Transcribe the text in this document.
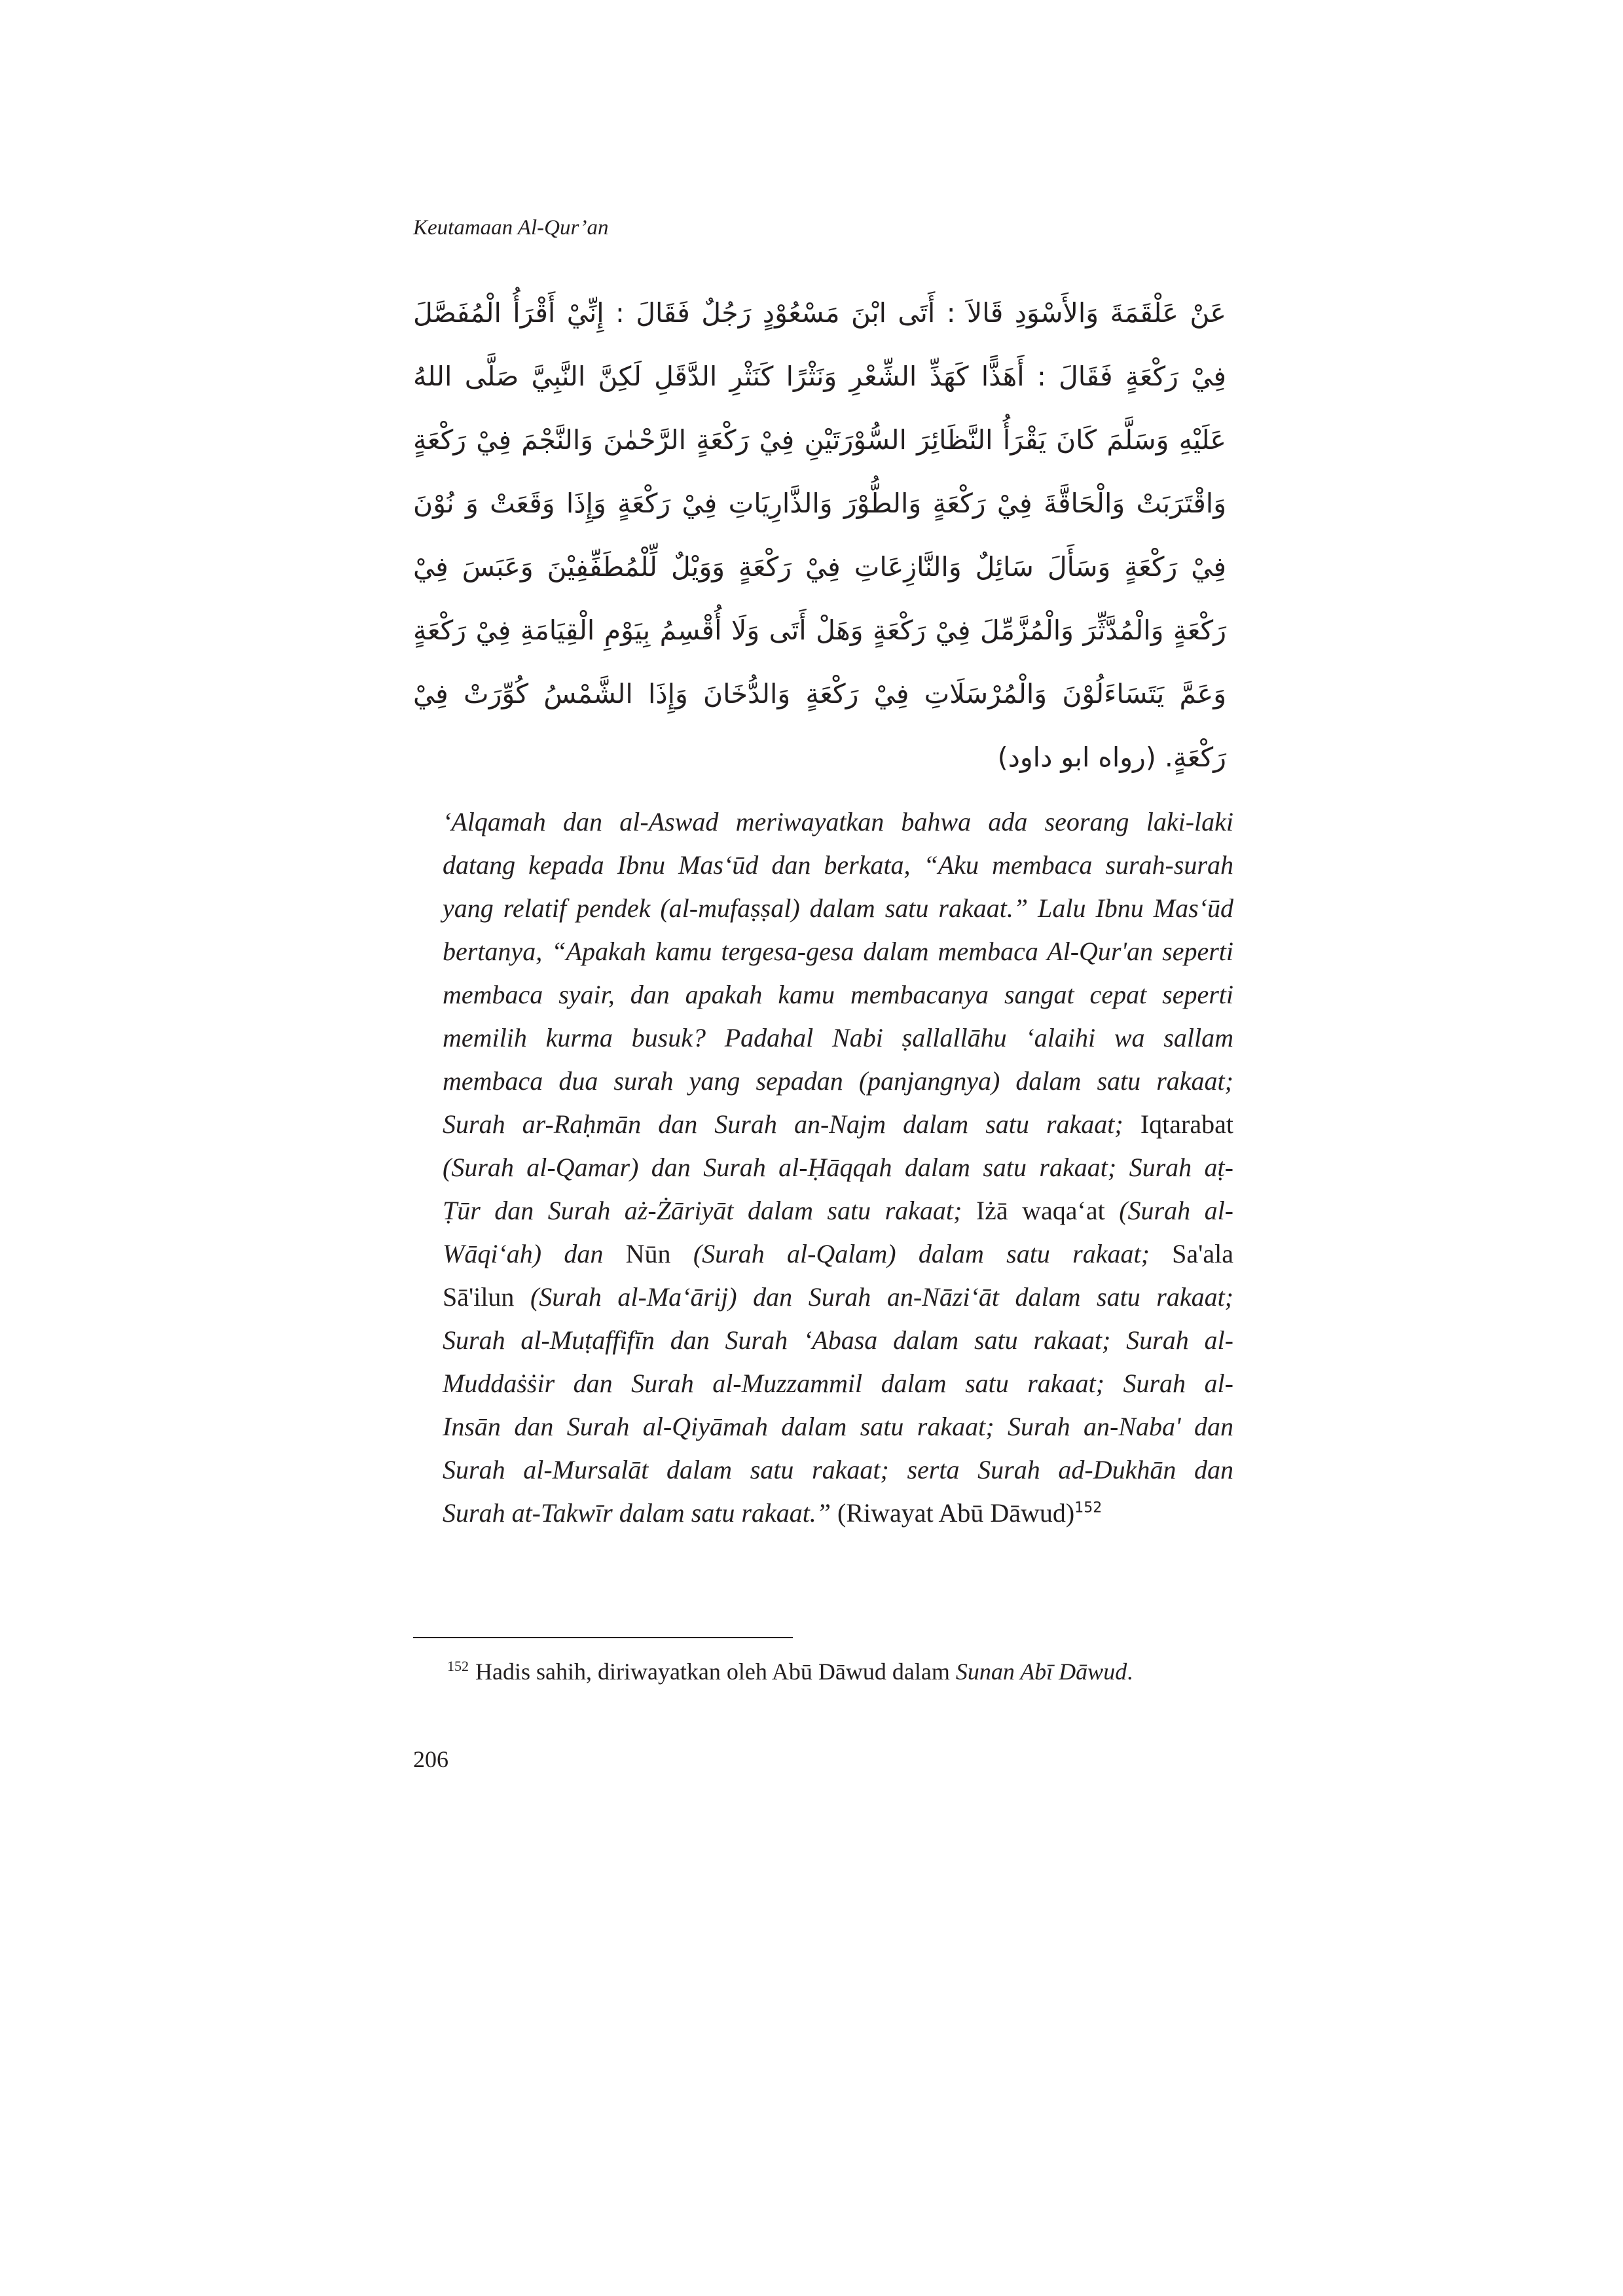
Keutamaan Al-Qur’an
عَنْ عَلْقَمَةَ وَالأَسْوَدِ قَالاَ : أَتَى ابْنَ مَسْعُوْدٍ رَجُلٌ فَقَالَ : إِنِّيْ أَقْرَأُ الْمُفَصَّلَ
فِيْ رَكْعَةٍ فَقَالَ : أَهَذًّا كَهَذِّ الشِّعْرِ وَنَثْرًا كَنَثْرِ الدَّقَلِ لَكِنَّ النَّبِيَّ صَلَّى اللهُ
عَلَيْهِ وَسَلَّمَ كَانَ يَقْرَأُ النَّظَائِرَ السُّوْرَتَيْنِ فِيْ رَكْعَةٍ الرَّحْمٰنَ وَالنَّجْمَ فِيْ رَكْعَةٍ
وَاقْتَرَبَتْ وَالْحَاقَّةَ فِيْ رَكْعَةٍ وَالطُّوْرَ وَالذَّارِيَاتِ فِيْ رَكْعَةٍ وَإِذَا وَقَعَتْ وَ نُوْنَ
فِيْ رَكْعَةٍ وَسَأَلَ سَائِلٌ وَالنَّازِعَاتِ فِيْ رَكْعَةٍ وَوَيْلٌ لِّلْمُطَفِّفِيْنَ وَعَبَسَ فِيْ
رَكْعَةٍ وَالْمُدَّثِّرَ وَالْمُزَّمِّلَ فِيْ رَكْعَةٍ وَهَلْ أَتَى وَلَا أُقْسِمُ بِيَوْمِ الْقِيَامَةِ فِيْ رَكْعَةٍ
وَعَمَّ يَتَسَاءَلُوْنَ وَالْمُرْسَلَاتِ فِيْ رَكْعَةٍ وَالدُّخَانَ وَإِذَا الشَّمْسُ كُوِّرَتْ فِيْ
رَكْعَةٍ. (رواه ابو داود)
‘Alqamah dan al-Aswad meriwayatkan bahwa ada seorang laki-laki
datang kepada Ibnu Mas‘ūd dan berkata, “Aku membaca surah-surah
yang relatif pendek (al-mufaṣṣal) dalam satu rakaat.” Lalu Ibnu Mas‘ūd
bertanya, “Apakah kamu tergesa-gesa dalam membaca Al-Qur'an seperti
membaca syair, dan apakah kamu membacanya sangat cepat seperti
memilih kurma busuk? Padahal Nabi ṣallallāhu ‘alaihi wa sallam
membaca dua surah yang sepadan (panjangnya) dalam satu rakaat;
Surah ar-Raḥmān dan Surah an-Najm dalam satu rakaat; Iqtarabat
(Surah al-Qamar) dan Surah al-Ḥāqqah dalam satu rakaat; Surah aṭ-
Ṭūr dan Surah aż-Żāriyāt dalam satu rakaat; Iżā waqa‘at (Surah al-
Wāqi‘ah) dan Nūn (Surah al-Qalam) dalam satu rakaat; Sa'ala
Sā'ilun (Surah al-Ma‘ārij) dan Surah an-Nāzi‘āt dalam satu rakaat;
Surah al-Muṭaffifīn dan Surah ‘Abasa dalam satu rakaat; Surah al-
Muddaṡṡir dan Surah al-Muzzammil dalam satu rakaat; Surah al-
Insān dan Surah al-Qiyāmah dalam satu rakaat; Surah an-Naba' dan
Surah al-Mursalāt dalam satu rakaat; serta Surah ad-Dukhān dan
Surah at-Takwīr dalam satu rakaat.” (Riwayat Abū Dāwud)$^{152}$
$^{152}$ Hadis sahih, diriwayatkan oleh Abū Dāwud dalam Sunan Abī Dāwud.
206
